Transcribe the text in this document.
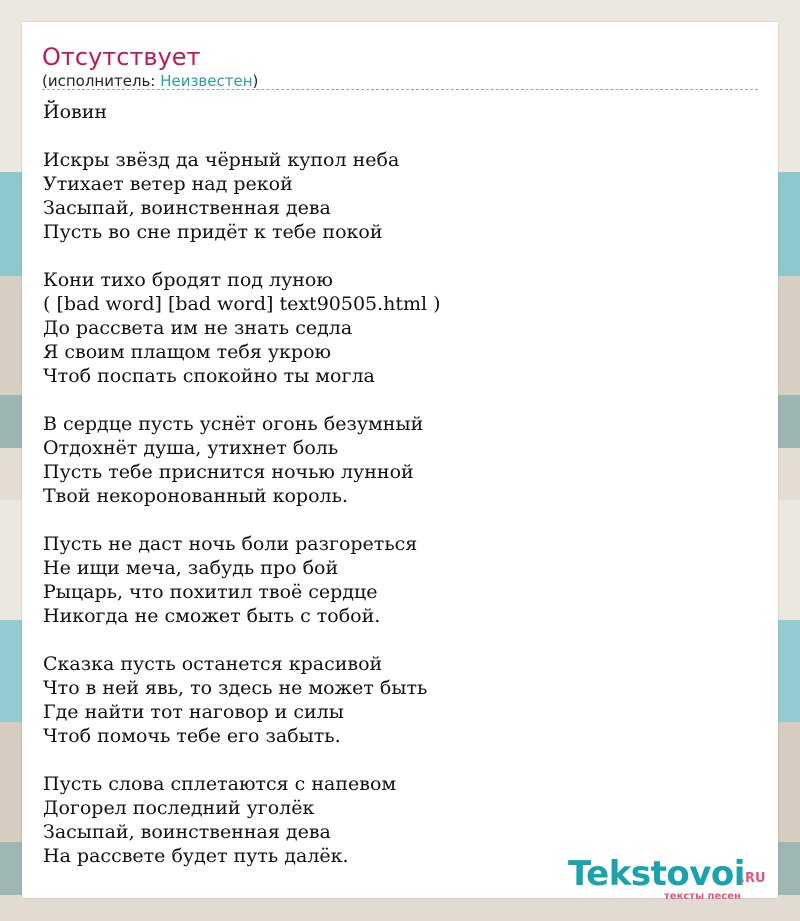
Отсутствует
(исполнитель: Неизвестен)
Йовин
Искры звёзд да чёрный купол неба
Утихает ветер над рекой
Засыпай, воинственная дева
Пусть во сне придёт к тебе покой
Кони тихо бродят под луною
( [bad word] [bad word] text90505.html )
До рассвета им не знать седла
Я своим плащом тебя укрою
Чтоб поспать спокойно ты могла
В сердце пусть уснёт огонь безумный
Отдохнёт душа, утихнет боль
Пусть тебе приснится ночью лунной
Твой некоронованный король.
Пусть не даст ночь боли разгореться
Не ищи меча, забудь про бой
Рыцарь, что похитил твоё сердце
Никогда не сможет быть с тобой.
Сказка пусть останется красивой
Что в ней явь, то здесь не может быть
Где найти тот наговор и силы
Чтоб помочь тебе его забыть.
Пусть слова сплетаются с напевом
Догорел последний уголёк
Засыпай, воинственная дева
На рассвете будет путь далёк.	Tekstovoi
.RU
тексты песен
